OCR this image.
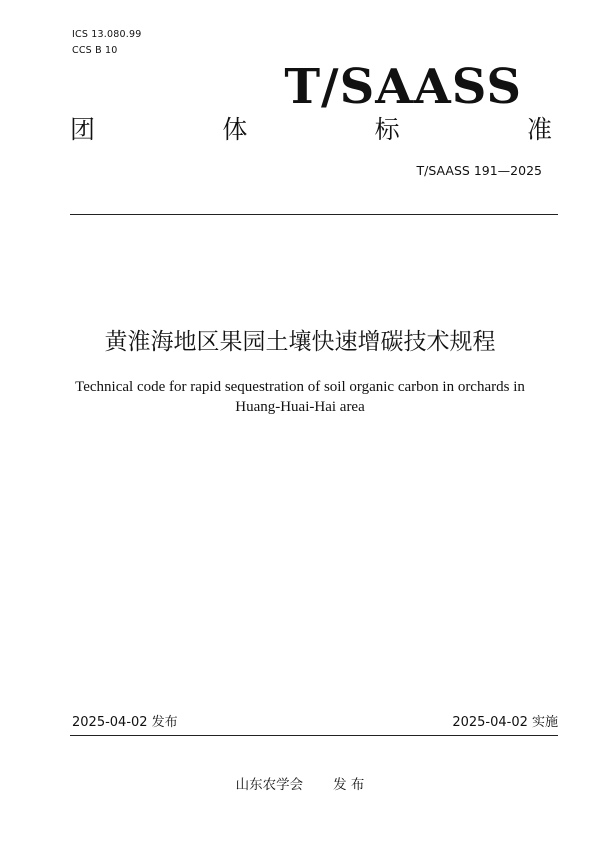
ICS 13.080.99
CCS B 10
T/SAASS
团	体	标	准
T/SAASS 191—2025
黄淮海地区果园土壤快速增碳技术规程
Technical code for rapid sequestration of soil organic carbon in orchards in
Huang-Huai-Hai area
2025-04-02 发布	2025-04-02 实施
山东农学会 发 布
